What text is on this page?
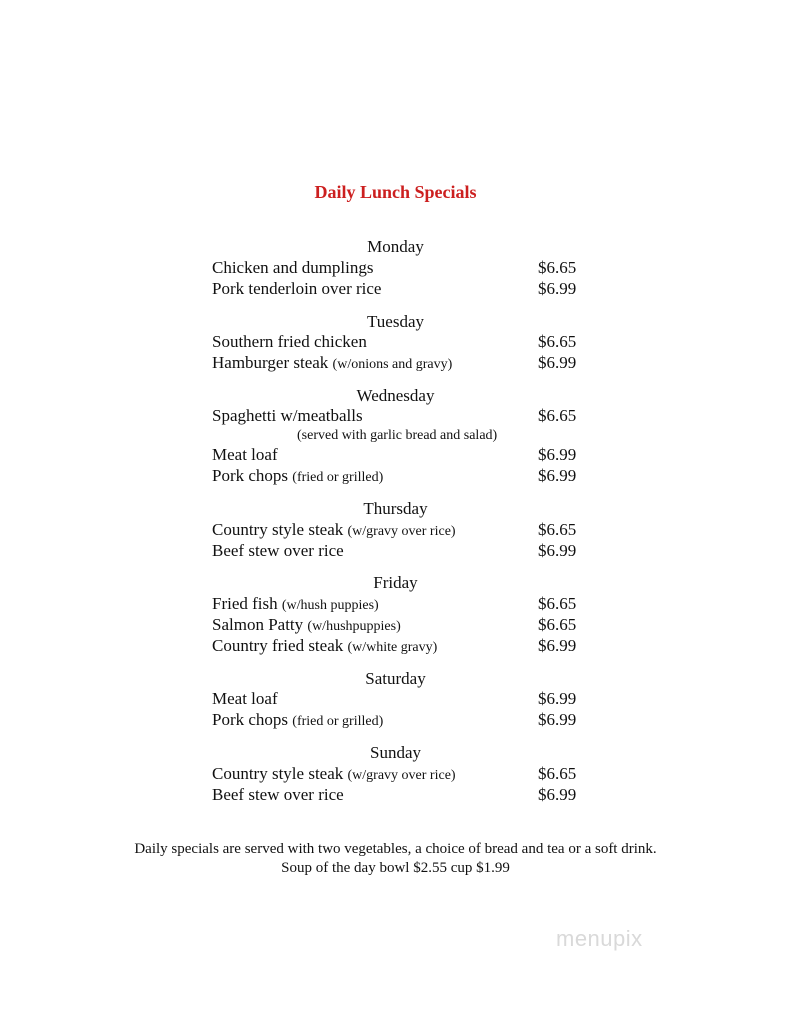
Daily Lunch Specials
Monday
Chicken and dumplings	$6.65
Pork tenderloin over rice	$6.99
Tuesday
Southern fried chicken	$6.65
Hamburger steak (w/onions and gravy)	$6.99
Wednesday
Spaghetti w/meatballs	$6.65
(served with garlic bread and salad)
Meat loaf	$6.99
Pork chops (fried or grilled)	$6.99
Thursday
Country style steak (w/gravy over rice)	$6.65
Beef stew over rice	$6.99
Friday
Fried fish (w/hush puppies)	$6.65
Salmon Patty (w/hushpuppies)	$6.65
Country fried steak (w/white gravy)	$6.99
Saturday
Meat loaf	$6.99
Pork chops (fried or grilled)	$6.99
Sunday
Country style steak (w/gravy over rice)	$6.65
Beef stew over rice	$6.99
Daily specials are served with two vegetables, a choice of bread and tea or a soft drink.
Soup of the day bowl $2.55 cup $1.99
menupix
